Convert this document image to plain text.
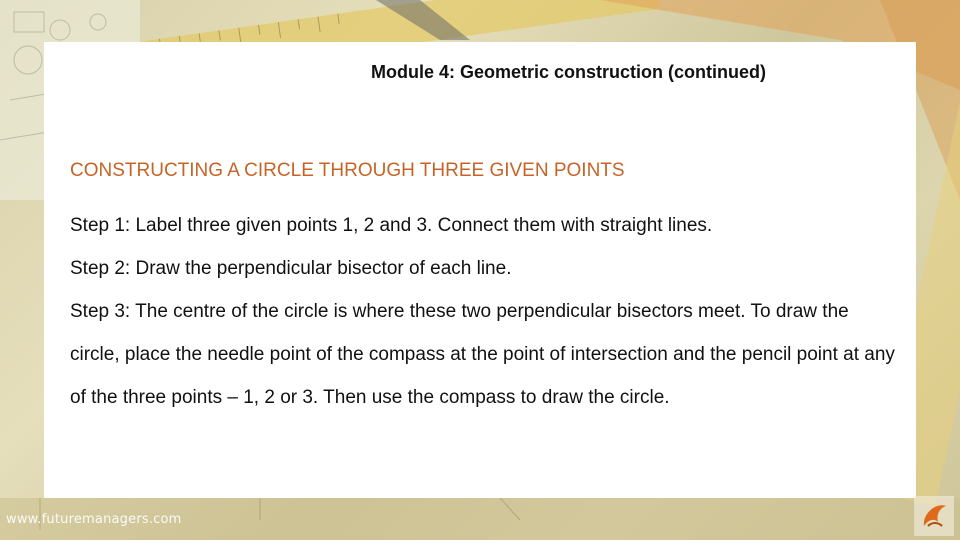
Module 4: Geometric construction (continued)
CONSTRUCTING A CIRCLE THROUGH THREE GIVEN POINTS

Step 1: Label three given points 1, 2 and 3. Connect them with straight lines.

Step 2: Draw the perpendicular bisector of each line.

Step 3: The centre of the circle is where these two perpendicular bisectors meet. To draw the circle, place the needle point of the compass at the point of intersection and the pencil point at any of the three points – 1, 2 or 3. Then use the compass to draw the circle.

www.futuremanagers.com
